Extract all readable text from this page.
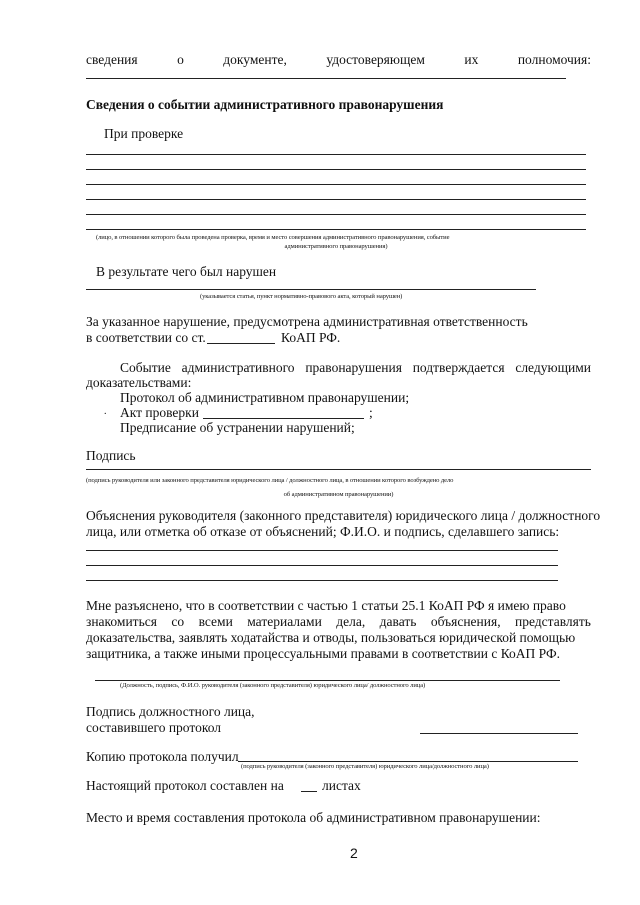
сведения	о	документе,	удостоверяющем	их	полномочия:
Сведения о событии административного правонарушения
При проверке
(лицо, в отношении которого была проведена проверка, время и место совершения административного правонарушения, событие
административного правонарушения)
В результате чего был нарушен
(указывается статья, пункт нормативно-правового акта, который нарушен)
За указанное нарушение, предусмотрена административная ответственность
в соответствии со ст.	КоАП РФ.
Событие административного правонарушения подтверждается следующими
доказательствами:
Протокол об административном правонарушении;
. Акт проверки	;
Предписание об устранении нарушений;
Подпись
(подпись руководителя или законного представителя юридического лица / должностного лица, в отношении которого возбуждено дело
об административном правонарушении)
Объяснения руководителя (законного представителя) юридического лица / должностного
лица, или отметка об отказе от объяснений; Ф.И.О. и подпись, сделавшего запись:
Мне разъяснено, что в соответствии с частью 1 статьи 25.1 КоАП РФ я имею право
знакомиться со всеми материалами дела, давать объяснения, представлять
доказательства, заявлять ходатайства и отводы, пользоваться юридической помощью
защитника, а также иными процессуальными правами в соответствии с КоАП РФ.
(Должность, подпись, Ф.И.О. руководителя (законного представителя) юридического лица/ должностного лица)
Подпись должностного лица,
составившего протокол
Копию протокола получил
(подпись руководителя (законного представителя) юридического лица/должностного лица)
Настоящий протокол составлен на	листах
Место и время составления протокола об административном правонарушении:
2
